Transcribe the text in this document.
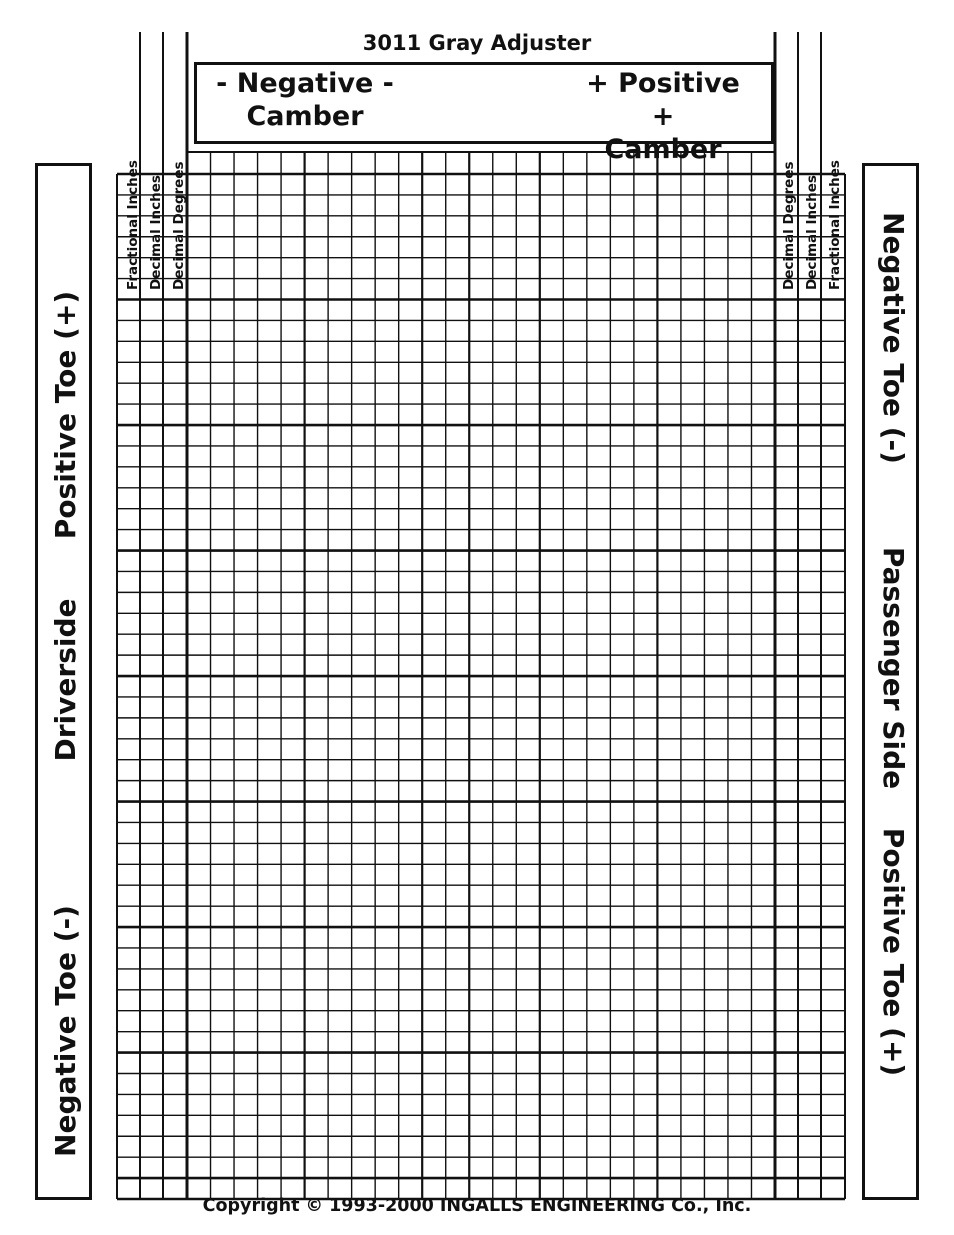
3011 Gray Adjuster
- Negative -
Camber
+ Positive +
Camber
Fractional Inches Decimal Inches Decimal Degrees	Decimal Degrees Decimal Inches Fractional Inches
Positive Toe (+)
Driverside
Negative Toe (-)
Negative Toe (-)
Passenger Side
Positive Toe (+)
Copyright © 1993-2000 INGALLS ENGINEERING Co., Inc.
